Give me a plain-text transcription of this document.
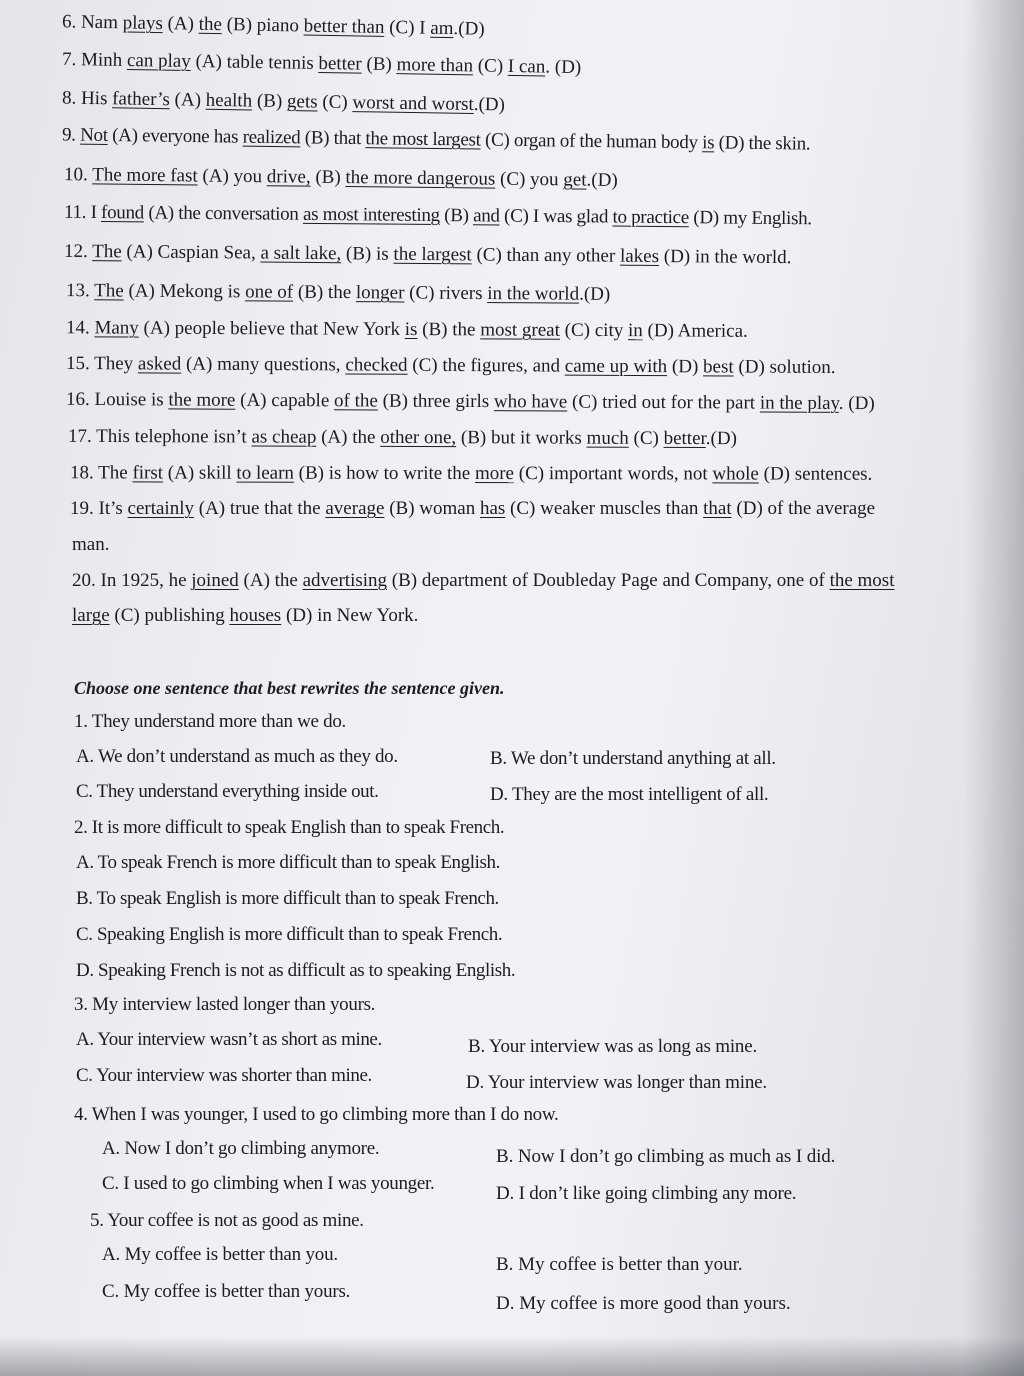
6. Nam plays (A) the (B) piano better than (C) I am.(D)
7. Minh can play (A) table tennis better (B) more than (C) I can. (D)
8. His father’s (A) health (B) gets (C) worst and worst.(D)
9. Not (A) everyone has realized (B) that the most largest (C) organ of the human body is (D) the skin.
10. The more fast (A) you drive, (B) the more dangerous (C) you get.(D)
11. I found (A) the conversation as most interesting (B) and (C) I was glad to practice (D) my English.
12. The (A) Caspian Sea, a salt lake, (B) is the largest (C) than any other lakes (D) in the world.
13. The (A) Mekong is one of (B) the longer (C) rivers in the world.(D)
14. Many (A) people believe that New York is (B) the most great (C) city in (D) America.
15. They asked (A) many questions, checked (C) the figures, and came up with (D) best (D) solution.
16. Louise is the more (A) capable of the (B) three girls who have (C) tried out for the part in the play. (D)
17. This telephone isn’t as cheap (A) the other one, (B) but it works much (C) better.(D)
18. The first (A) skill to learn (B) is how to write the more (C) important words, not whole (D) sentences.
19. It’s certainly (A) true that the average (B) woman has (C) weaker muscles than that (D) of the average
man.
20. In 1925, he joined (A) the advertising (B) department of Doubleday Page and Company, one of the most
large (C) publishing houses (D) in New York.
Choose one sentence that best rewrites the sentence given.
1. They understand more than we do.
A. We don’t understand as much as they do.	B. We don’t understand anything at all.
C. They understand everything inside out.	D. They are the most intelligent of all.
2. It is more difficult to speak English than to speak French.
A. To speak French is more difficult than to speak English.
B. To speak English is more difficult than to speak French.
C. Speaking English is more difficult than to speak French.
D. Speaking French is not as difficult as to speaking English.
3. My interview lasted longer than yours.
A. Your interview wasn’t as short as mine.	B. Your interview was as long as mine.
C. Your interview was shorter than mine.	D. Your interview was longer than mine.
4. When I was younger, I used to go climbing more than I do now.
A. Now I don’t go climbing anymore.	B. Now I don’t go climbing as much as I did.
C. I used to go climbing when I was younger.	D. I don’t like going climbing any more.
5. Your coffee is not as good as mine.
A. My coffee is better than you.	B. My coffee is better than your.
C. My coffee is better than yours.
D. My coffee is more good than yours.
